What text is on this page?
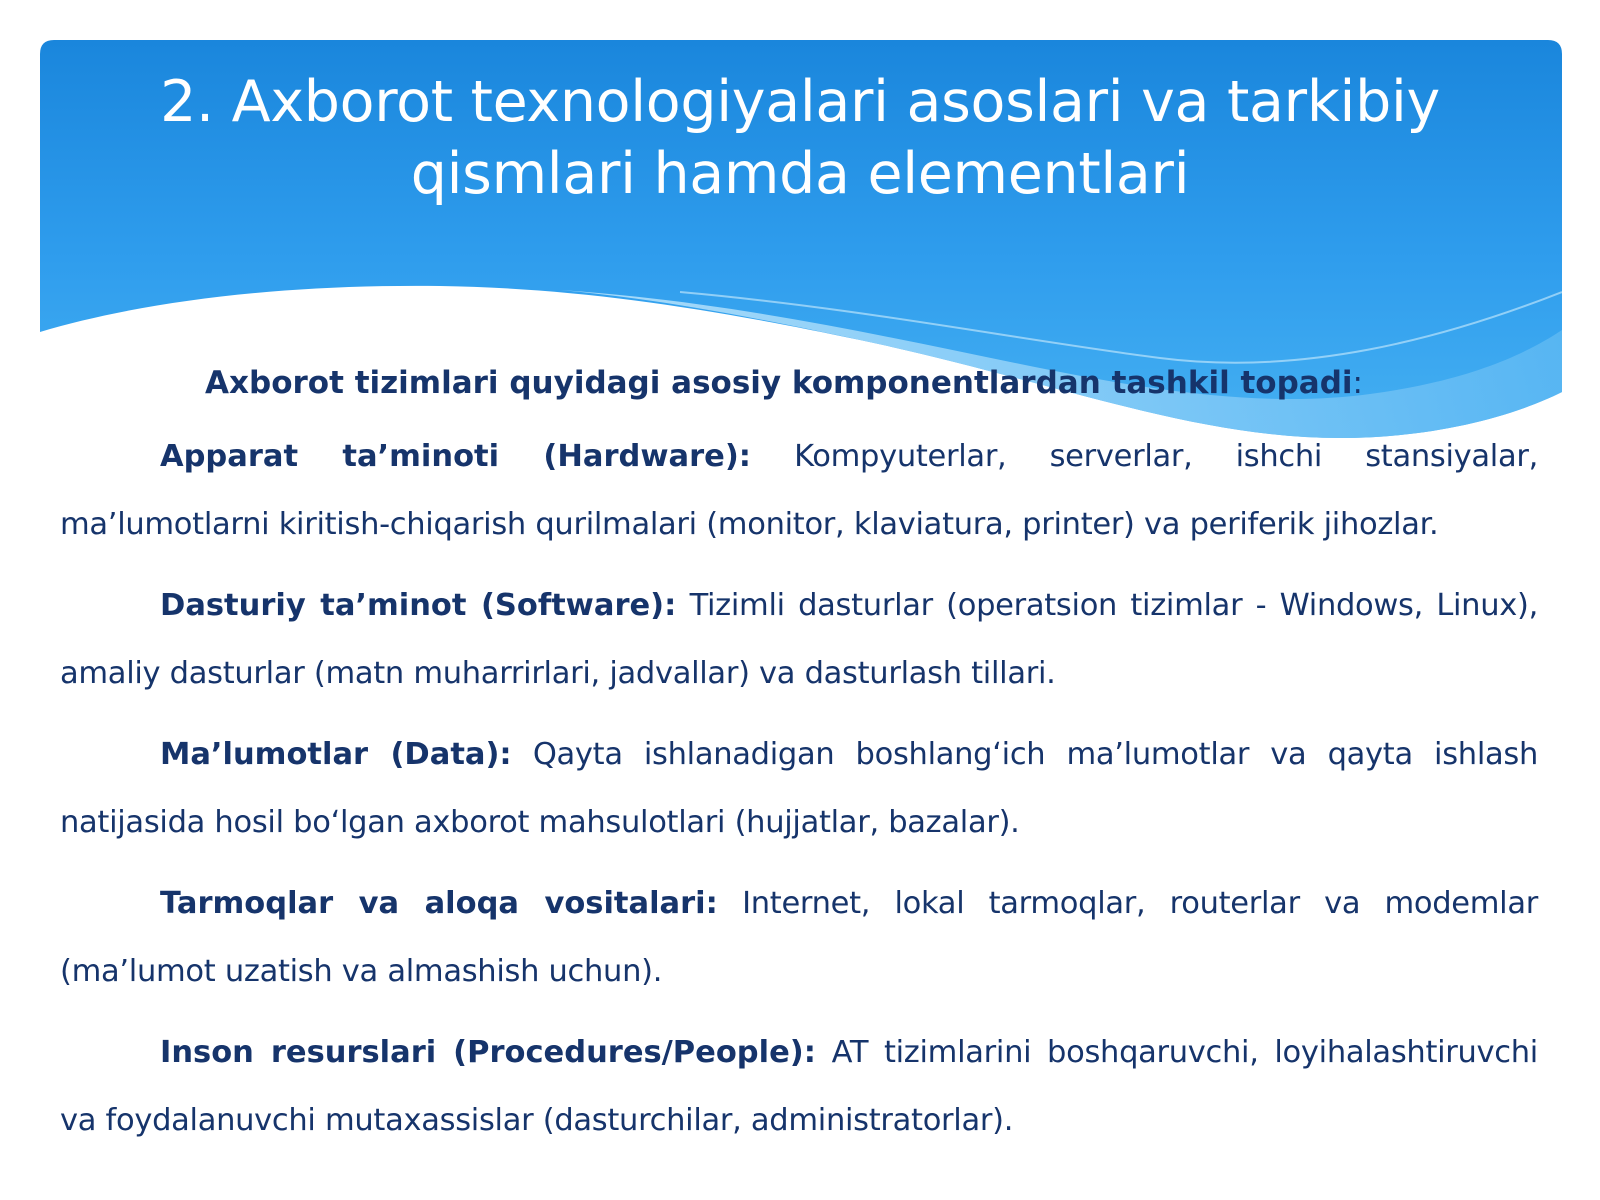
2. Axborot texnologiyalari asoslari va tarkibiy qismlari hamda elementlari

Axborot tizimlari quyidagi asosiy komponentlardan tashkil topadi:

Apparat ta’minoti (Hardware): Kompyuterlar, serverlar, ishchi stansiyalar, ma’lumotlarni kiritish-chiqarish qurilmalari (monitor, klaviatura, printer) va periferik jihozlar.

Dasturiy ta’minot (Software): Tizimli dasturlar (operatsion tizimlar - Windows, Linux), amaliy dasturlar (matn muharrirlari, jadvallar) va dasturlash tillari.

Ma’lumotlar (Data): Qayta ishlanadigan boshlang‘ich ma’lumotlar va qayta ishlash natijasida hosil bo‘lgan axborot mahsulotlari (hujjatlar, bazalar).

Tarmoqlar va aloqa vositalari: Internet, lokal tarmoqlar, routerlar va modemlar (ma’lumot uzatish va almashish uchun).

Inson resurslari (Procedures/People): AT tizimlarini boshqaruvchi, loyihalashtiruvchi va foydalanuvchi mutaxassislar (dasturchilar, administratorlar).
